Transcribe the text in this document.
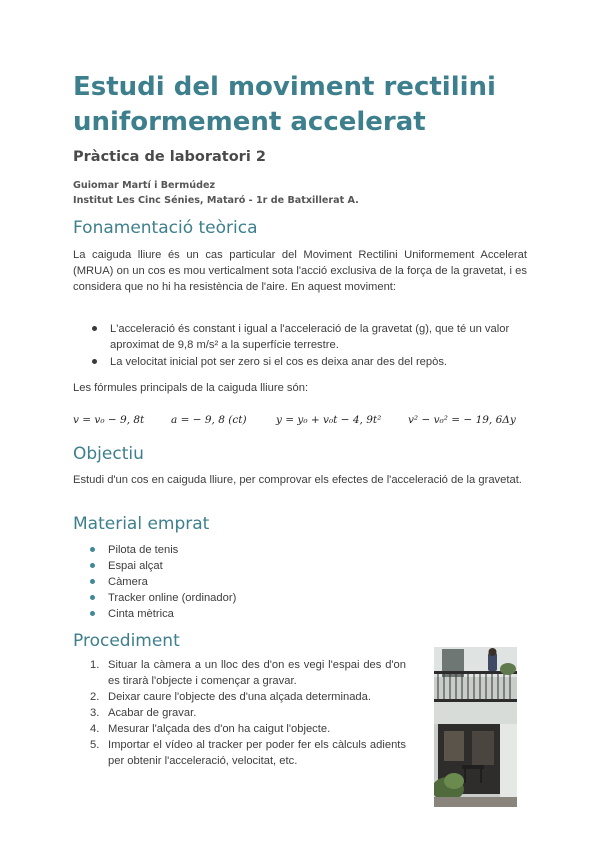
Estudi del moviment rectilini uniformement accelerat
Pràctica de laboratori 2

Guiomar Martí i Bermúdez

Institut Les Cinc Sénies, Mataró - 1r de Batxillerat A.

Fonamentació teòrica

La caiguda lliure és un cas particular del Moviment Rectilini Uniformement Accelerat (MRUA) on un cos es mou verticalment sota l'acció exclusiva de la força de la gravetat, i es considera que no hi ha resistència de l'aire. En aquest moviment:

L'acceleració és constant i igual a l'acceleració de la gravetat (g), que té un valor aproximat de 9,8 m/s² a la superfície terrestre.
La velocitat inicial pot ser zero si el cos es deixa anar des del repòs.

Les fórmules principals de la caiguda lliure són:

v = v₀ − 9, 8t	a = − 9, 8 (ct)	y = y₀ + v₀t − 4, 9t²	v² − v₀² = − 19, 6Δy
Objectiu

Estudi d'un cos en caiguda lliure, per comprovar els efectes de l'acceleració de la gravetat.

Material emprat
Pilota de tenis
Espai alçat
Càmera
Tracker online (ordinador)
Cinta mètrica
Procediment
1. Situar la càmera a un lloc des d'on es vegi l'espai des d'on es tirarà l'objecte i començar a gravar.
2. Deixar caure l'objecte des d'una alçada determinada.
3. Acabar de gravar.
4. Mesurar l'alçada des d'on ha caigut l'objecte.
5. Importar el vídeo al tracker per poder fer els càlculs adients per obtenir l'acceleració, velocitat, etc.
